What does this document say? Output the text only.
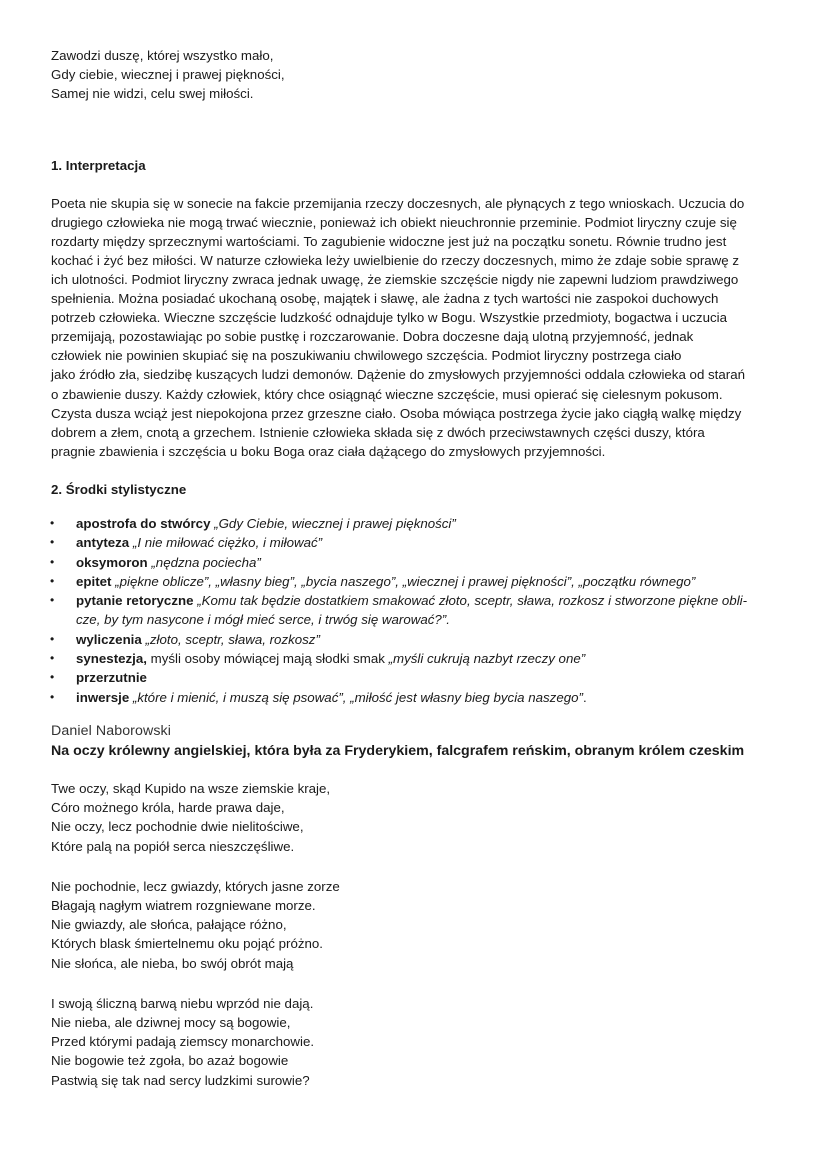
Zawodzi duszę, której wszystko mało,
Gdy ciebie, wiecznej i prawej piękności,
Samej nie widzi, celu swej miłości.
1. Interpretacja
Poeta nie skupia się w sonecie na fakcie przemijania rzeczy doczesnych, ale płynących z tego wnioskach. Uczucia do
drugiego człowieka nie mogą trwać wiecznie, ponieważ ich obiekt nieuchronnie przeminie. Podmiot liryczny czuje się
rozdarty między sprzecznymi wartościami. To zagubienie widoczne jest już na początku sonetu. Równie trudno jest
kochać i żyć bez miłości. W naturze człowieka leży uwielbienie do rzeczy doczesnych, mimo że zdaje sobie sprawę z
ich ulotności. Podmiot liryczny zwraca jednak uwagę, że ziemskie szczęście nigdy nie zapewni ludziom prawdziwego
spełnienia. Można posiadać ukochaną osobę, majątek i sławę, ale żadna z tych wartości nie zaspokoi duchowych
potrzeb człowieka. Wieczne szczęście ludzkość odnajduje tylko w Bogu. Wszystkie przedmioty, bogactwa i uczucia
przemijają, pozostawiając po sobie pustkę i rozczarowanie. Dobra doczesne dają ulotną przyjemność, jednak
człowiek nie powinien skupiać się na poszukiwaniu chwilowego szczęścia. Podmiot liryczny postrzega ciało
jako źródło zła, siedzibę kuszących ludzi demonów. Dążenie do zmysłowych przyjemności oddala człowieka od starań
o zbawienie duszy. Każdy człowiek, który chce osiągnąć wieczne szczęście, musi opierać się cielesnym pokusom.
Czysta dusza wciąż jest niepokojona przez grzeszne ciało. Osoba mówiąca postrzega życie jako ciągłą walkę między
dobrem a złem, cnotą a grzechem. Istnienie człowieka składa się z dwóch przeciwstawnych części duszy, która
pragnie zbawienia i szczęścia u boku Boga oraz ciała dążącego do zmysłowych przyjemności.
2. Środki stylistyczne
• apostrofa do stwórcy „Gdy Ciebie, wiecznej i prawej piękności”
• antyteza „I nie miłować ciężko, i miłować”
• oksymoron „nędzna pociecha”
• epitet „piękne oblicze”, „własny bieg”, „bycia naszego”, „wiecznej i prawej piękności”, „początku równego”
• pytanie retoryczne „Komu tak będzie dostatkiem smakować złoto, sceptr, sława, rozkosz i stworzone piękne obli-
cze, by tym nasycone i mógł mieć serce, i trwóg się warować?”.
• wyliczenia „złoto, sceptr, sława, rozkosz”
• synestezja, myśli osoby mówiącej mają słodki smak „myśli cukrują nazbyt rzeczy one”
• przerzutnie
• inwersje „które i mienić, i muszą się psować”, „miłość jest własny bieg bycia naszego”.
Daniel Naborowski
Na oczy królewny angielskiej, która była za Fryderykiem, falcgrafem reńskim, obranym królem czeskim
Twe oczy, skąd Kupido na wsze ziemskie kraje,
Córo możnego króla, harde prawa daje,
Nie oczy, lecz pochodnie dwie nielitościwe,
Które palą na popiół serca nieszczęśliwe.
Nie pochodnie, lecz gwiazdy, których jasne zorze
Błagają nagłym wiatrem rozgniewane morze.
Nie gwiazdy, ale słońca, pałające różno,
Których blask śmiertelnemu oku pojąć próżno.
Nie słońca, ale nieba, bo swój obrót mają
I swoją śliczną barwą niebu wprzód nie dają.
Nie nieba, ale dziwnej mocy są bogowie,
Przed którymi padają ziemscy monarchowie.
Nie bogowie też zgoła, bo azaż bogowie
Pastwią się tak nad sercy ludzkimi surowie?
